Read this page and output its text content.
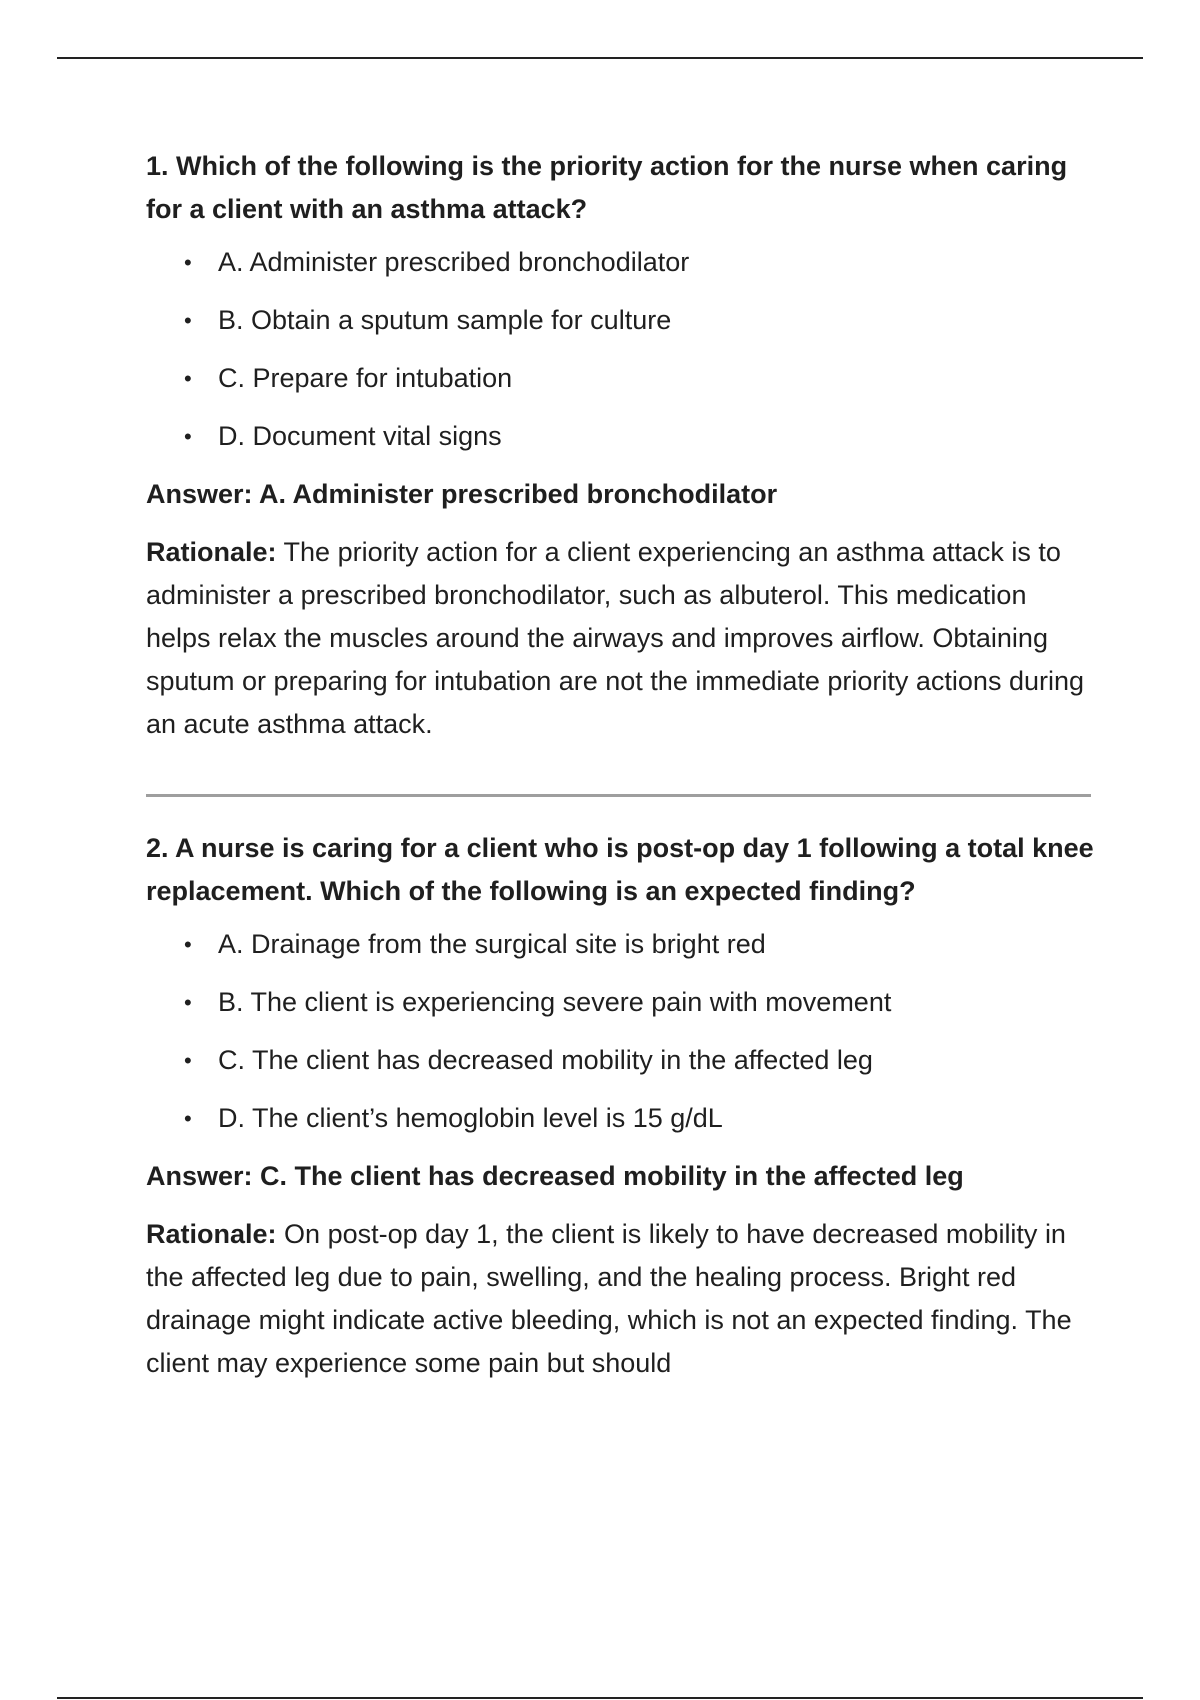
1. Which of the following is the priority action for the nurse when caring for a client with an asthma attack?

• A. Administer prescribed bronchodilator
• B. Obtain a sputum sample for culture
• C. Prepare for intubation
• D. Document vital signs

Answer: A. Administer prescribed bronchodilator

Rationale: The priority action for a client experiencing an asthma attack is to administer a prescribed bronchodilator, such as albuterol. This medication helps relax the muscles around the airways and improves airflow. Obtaining sputum or preparing for intubation are not the immediate priority actions during an acute asthma attack.

2. A nurse is caring for a client who is post-op day 1 following a total knee replacement. Which of the following is an expected finding?

• A. Drainage from the surgical site is bright red
• B. The client is experiencing severe pain with movement
• C. The client has decreased mobility in the affected leg
• D. The client’s hemoglobin level is 15 g/dL

Answer: C. The client has decreased mobility in the affected leg

Rationale: On post-op day 1, the client is likely to have decreased mobility in the affected leg due to pain, swelling, and the healing process. Bright red drainage might indicate active bleeding, which is not an expected finding. The client may experience some pain but should
